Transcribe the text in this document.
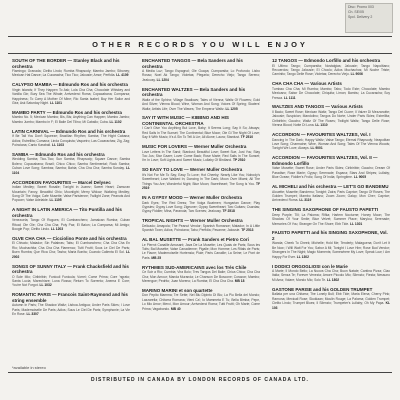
Disc: Promo 003
Ch. SE/05
Spcl. Delivery 2
OTHER RECORDS YOU WILL ENJOY
SOUTH OF THE BORDER — Stanley Black and his orchestra
Flamingo; Granada; Cielito Lindo; Rumba Rhapsody; Mambo Jambo; Siboney; Mexican Hat Dance; La Cucaracha; Tico Tico; Jalousie; Amor; Perfidia. LL 4109
CALYPSO MAMBA — Edmundo Ros and his orchestra
Virgin Islands; If They Happen To Ask; Lola Cha Cha; Chocolate Whiskey and Vanilla Gin; Bury Sea The Whale; Arrivederci Roma; Copacabana; Comparsa; Happiness; To Carry A Mother Of Mine; Rio Santa Isabel; Buy Her Sailor and Gira; Ask Saturday Night. LL 1101
MAMBO PARTY — Edmundo Ros and his orchestra
Mambo No. 5; Mexican Mambo; Bis, Bis; Anything Can Happen; Mambo Jambo; Mambo Jumbo; Mambo in F; El Baile Del Tilino; Mi Caballo; Cuba. LL 1102
LATIN CARNIVAL — Edmundo Ros and his orchestra
If Be Tall You Don't Squeeze; Brazilian Rhythm; Samba; The Hight Cabana; Adios; Estrellita; Cumana; Linda Conquista; Vaqueiro; Las Cucarachas; Zig, Zag; Poinciana; Canto Karabali. LL 1103
SAMBA — Edmundo Ros and his orchestra
Wedding Samba; Tico-Tico; Sun Samba; Rhapsody; Square Dance; Samba Bolero; Copacabana; Brazil; Chico Chico; Samba Sentimental; Rock Samba; Cuban Love Song; Sambas; Samba; Bahia; Cha Cha Cha; Samba Sunday. LL 1104
ACCORDEON FAVOURITES — Marcel Delysec
Indian Medley; Sweet Rosalie; Tonight in Juarez; Sweet Heart; Zamuran Mountain; Fancy; Beautiful Ohio; Moonlight; Merry Widow; Waltzing Medley; Song Of The Volga; Cafe Musette; Valse Parisienne; Twilight Zone; Peanuts And Popcorn; Valse Adelaide. LL 1105
A NIGHT IN LATIN AMERICA — Tito Puntilla and his orchestra
Venezuela; Tango Of Rogues; El Cumbanchero; Jamaican Rumba; Cuban Ritual; Ole Ole; Cha Cha Cha; Poly Paz; El Baion; La Comparsa; Mi Amigo; Boogie Pop; Cielito Lindo. LL 1203
OLVE CHA CHA — Cicciolino Ponte and his orchestra
El Chivato; Matador; Sin Palabras; Tabu; El Cumbanchero; Cha Cha Cha En Rio; Muchachita; Cha Cha Cha Flamenco; Tutti Frutti; Sous Le Ciel De Paris; Buen Rumba; Que Rica Cha; Tasha; Maria Bonita; Cuando Calienta El Sol. LL 2002
SONGS OF SUNNY ITALY — Frank Chacksfield and his orchestra
O Sole Mio; Ciribiribin; Funiculi Funicula; Vorrei; Come Prima; Core 'ngrato; Santa Lucia; Marechiare; Luna Rossa; Return To Sorrento; Anema E Core; You're Not Forgot. LL 1032
ROMANTIC PARIS — Francois Saint-Raymond and his string ensemble
Autumn In Paris; The Shadow Waltz; Lisboa Antigua; Under Paris Skies; I Love Paris; Mademoiselle De Paris; Adios; Sous Le Ciel De Paris; Symphonie; La Vie En Rose. LL 3307
ENCHANTED TANGOS — Bela Sanders and his orchestra
A Media Luz; Tango Espagnol; Ole Guapa; Cumparsita; Lo Profundo; Lisbo Rosso; Noel Ak Tango; Violetas; Plegaria; Derecho Viejo; Tango Sereno; Jealousy. LL 1204
ENCHANTED WALTZES — Bela Sanders and his orchestra
Waltz of the Sphinx; Village Swallows; Tales of Vienna; Waltz Of Flowers; Gold And Silver; Vienna Blood; Wine, Woman And Song; Voices Of Spring; Skaters' Waltz; Artists Life; Over The Waves; The Emperor Waltz. LL 1205
SAY IT WITH MUSIC — KIBBNO AND HIS CONTINENTAL ORCHESTRA
I Can't Give You Anything But Love, Baby; It Seems Long; Say It So; Always; Red Sails In The Sunset; The Continental; Blue Moon; Ole Gi The Night Of Love; Say It With Music; It's A Sin To Tell A Lie; All Alone; Laura; Stardust. TF 2510
MUSIC FOR LOVERS — Werner Muller Orchestra
Love Letters In The Sand; Stardust; Beautiful Love; Sweet Sue, Just You; Stay Too Jus; Star Gazer; Lover Come Back; Rose Marie; Red Sails In The Sunset; I'm In Love; Soft Lights and Sweet Music; Lullaby Of Birdland. TP 2510
SO EASY TO LOVE — Werner Muller Orchestra
It's Not For Me To Say; Easy To Love; Hot Cheeky; Nearly Like You; Nobody's Sweetheart; Love Walked In; Dancing In The Dark; Moon Over Miami; All The Things You Are; Wonderful Night; Blue Moon; Sweetheart; The Song Is You. TF 2519
IN A GYPSY MOOD — Werner Muller Orchestra
Dark Eyes; The Red Dress; The Volga Boatmen; Hungarian Dance; Play Gypsies; Gypsy Love Song; Zigeuner; Gypsy Sweetheart; Two Guitars; Csardas; Gypsy Fiddler; Mina, Paranoia; Two Scenes; Jealousy. TF 2518
TROPICAL NIGHTS — Werner Muller Orchestra
Delicado; Amapola; The Peanut Vendor; Spanish Romance; Matador; In A Little Spanish Town; Adios; Poinciana; Tabu; Perfidia; Pavanne; Jalousie. TF 2513
AL BAL MUSETTE — Frank Sanders et Pietro Cori
Le Pierrot Canaille Amusant; Java De La Musette; Les Quais de Paris; Sous les Toits; Bal Musette; Valse Canadienne; Pigalle; Mon Homme; Les Ritals de Paris; Le Fiacre; Mademoiselle Hortensia; Pluie; Paris Canaille; La Seine; Le Pont de Paris. MB 25
RYTHMES SUD-AMERICAINS avec los Trés Chile
Ce Soir a Rio; Cumbia; Vira Bolo; Tres Tangos Del Baile; Chica Chica; Cha Cha Cha; Mon Amour; Manda Muranda; Le Chanson De Boscone; Corazon; Mambo; Merengue; Pedrito; Juan Moreno; La Rumba; El Cha Cha Cha. MB 18
MARINO MARINI et son quartette
Don Pepito Mamma; Tre Sette; Nel Blu Dipinto Di Blu; La Piu Bella del Mondo; Lazzarella; Chitarra Romana; Vieni Ca'; Io Mammeta E Tu; Bella Bimba; Pepe, Lo Mio Amor; Merci, Mon Amour; Arrivederci Roma; Tutti Frutti; Oh Marie; Come Prima; Vagabondo. MB 40
12 TANGOS — Edmondo Lorfillo and his orchestra
El Ultimo Tango; Cumparsita; Nostalgias; Jalousie; Tango Napolitano; Recuerdos; Tango Jalousie; El Choclo; Adios Muchachos; Mi Noche Triste; Caminito; Tango Delle Rose; Violetas; Derecho Viejo. LL 9006
CHA CHA CHA — Various Artists
Tumbao Cha Cha; Mi Rumba; Mambo; Tabu; Todo Este; Chocolate; Mambo Mexicano; Sabor De Chocolate; Chiquita; Limon; Bambu; La Cucaracha; Soy Fresca. LL 1111
WALTZES AND TANGOS — Various Artists
Il Bacio; Sweet Rose; Mexican Waltz; Tango Del Cuore; Il Valzer Di Mezzanotte; Jalousie; Suspicion; Mandolino; Tangos Do Norte; Under Paris Skies; Estrellita; Ciribiribin; Gaucho; Waltz Of The Roses; Twilight Waltz; Tango Delle Rose; Vienna Blood; Notte Di Luna. LL 1310
ACCORDION — FAVOURITES WALTZES, Vol. I
Dancing In The Dark; Happy Waltz; Valse Tango; Eternal Rhapsody; Neapolitan Love Song; Charmaine; Wine, Woman And Song; Tales Of The Vienna Woods; Tonight We Love; Always. LL 9001
ACCORDION — FAVOURITES WALTZES, Vol. II — Edmondo Lorfillo
Valse Musette; Sweet Rose; Under Paris Skies; Ciribiribin; Gaucho; Dream Of Paradise; Rose Marie; Gypsy; Serenade; Espana; Stars And Stripes; Lullaby; Blue Ocean; Fiddler's Frolic; Song Of India; Springtime. LL 9005
AL MICHELI and his orchestra — LET'S GO BANDEMU
Alouette; Musette; Bandemu; Tonight; Zaira; Paris Caprice; Tango Of Roses; The Golden Trumpet; Mambo Italiano; Zoom Zoom; Galop; Mon Cher; Caprice; Arrivederci Roma. LL 3119
THE SINGING SAXOPHONE OF FAUSTO PAPETTI
Deep Purple; Till; La Paloma; Rifka; Harlem Nocturne; Honey Moon; The Shadow Of Your Smile; Blue Velvet; Summer Place; Marylou; Serenade; Memories Of You; Stranger On The Shore; Ebb Tide. LL 1301
FAUSTO PAPETTI and his SINGING SAXOPHONE, Vol. 2
Wanda; Cheek To Cheek; Michelle; Hold Me; Tenderly; Malaguena; Don't Let It Be Now; I Will Wait For You; Sabor A Mi; Tonight I Love Him; Rose Bud Vendor; Strangers In The Night; Magic Moments; Somewhere My Love; Speak Low; I Am Happy For Ever. LL 1302
I DODICI ORGOGLIOSI con le Marie
A Marie; Il Mondo Bello; La Nuova Cha Cha; Buon Natale; Cantina Pizza; Ciao Italia; Senza Te; Forever Venezia; Amore Piccolo Mio; Silenzio; Fiesta; Nessuno Mi Ama; Volare; Mondo Mio; Solo Te. LL 1802
GASTONE PARISE and his GOLDEN TRUMPET
Ballata per una Chitarra; The Lonely Bull; Ebb Tide; Maria Elena; Cherry Pink; Ramona; Mexicali Rose; Skokiaan; Moulin Rouge; La Paloma; Golden Trumpet; Cielito Lindo; Trumpet Blues; Il Silenzio; Trumpeter's Lullaby; Oh My Papa. KL 103
*available in stereo
DISTRIBUTED IN CANADA BY LONDON RECORDS OF CANADA LTD.
